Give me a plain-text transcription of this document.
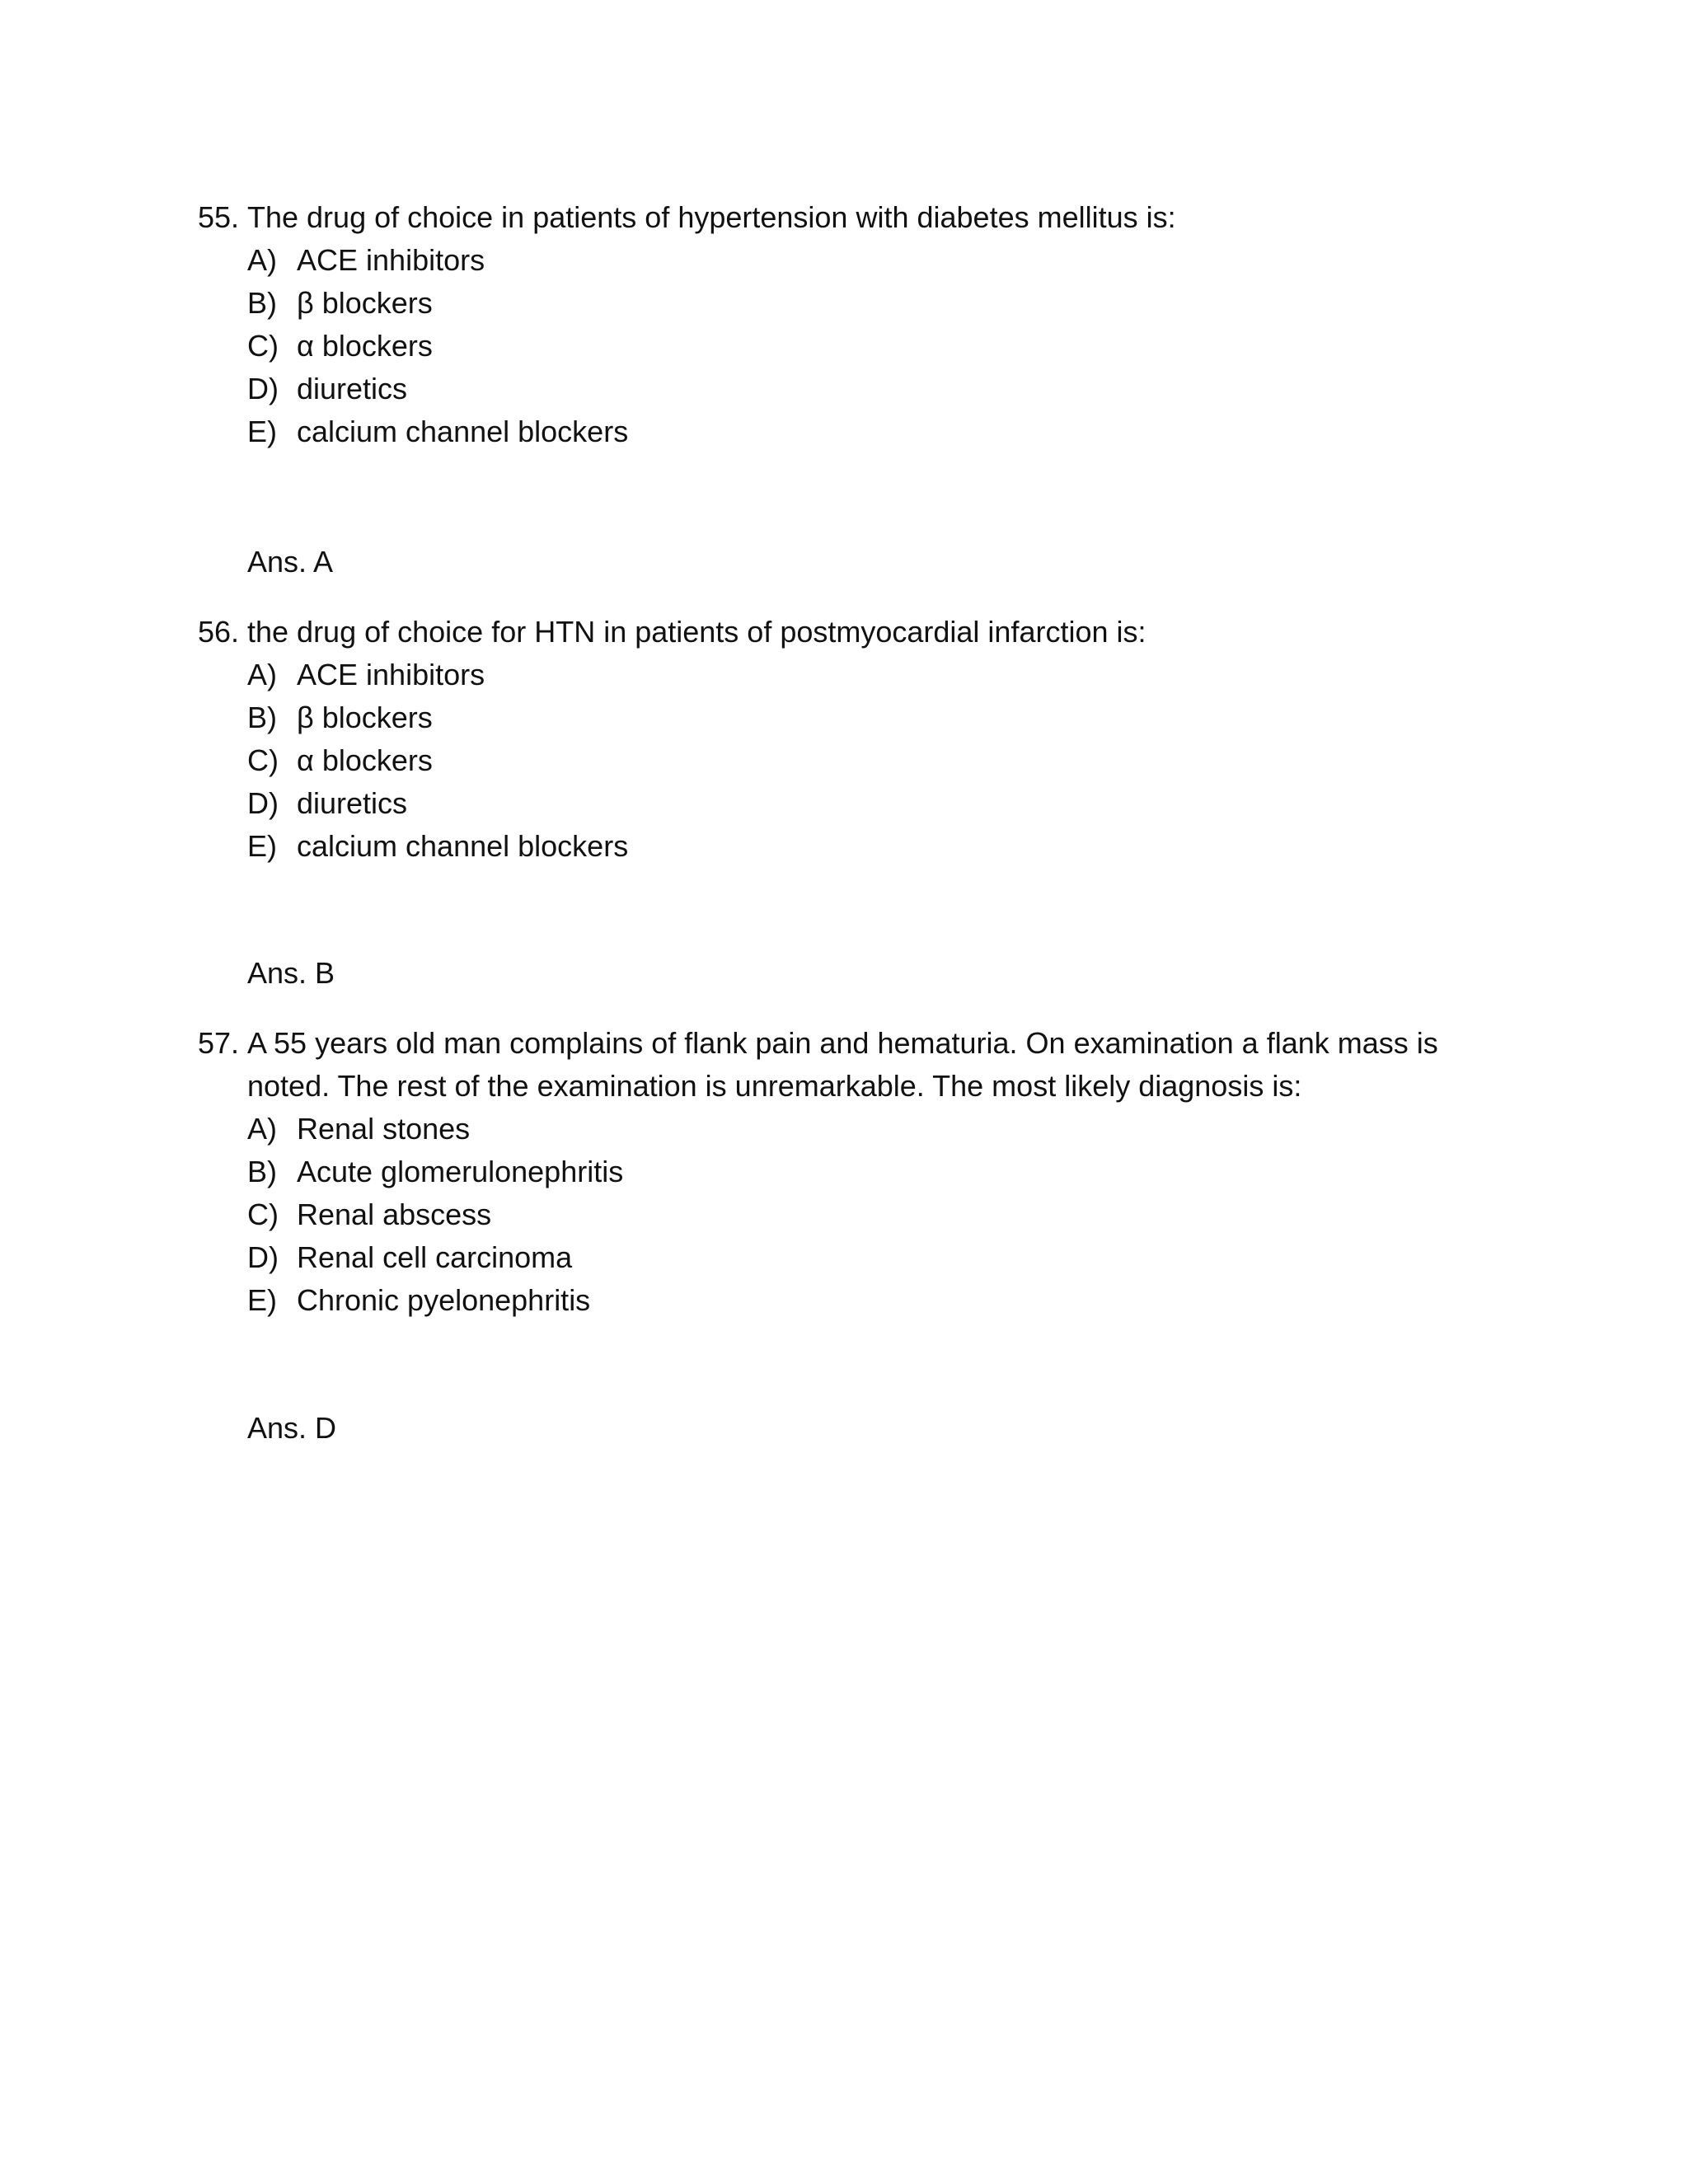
55. The drug of choice in patients of hypertension with diabetes mellitus is:
A) ACE inhibitors
B) β blockers
C) α blockers
D) diuretics
E) calcium channel blockers
Ans. A
56. the drug of choice for HTN in patients of postmyocardial infarction is:
A) ACE inhibitors
B) β blockers
C) α blockers
D) diuretics
E) calcium channel blockers
Ans. B
57. A 55 years old man complains of flank pain and hematuria. On examination a flank mass is noted. The rest of the examination is unremarkable. The most likely diagnosis is:
A) Renal stones
B) Acute glomerulonephritis
C) Renal abscess
D) Renal cell carcinoma
E) Chronic pyelonephritis
Ans. D
